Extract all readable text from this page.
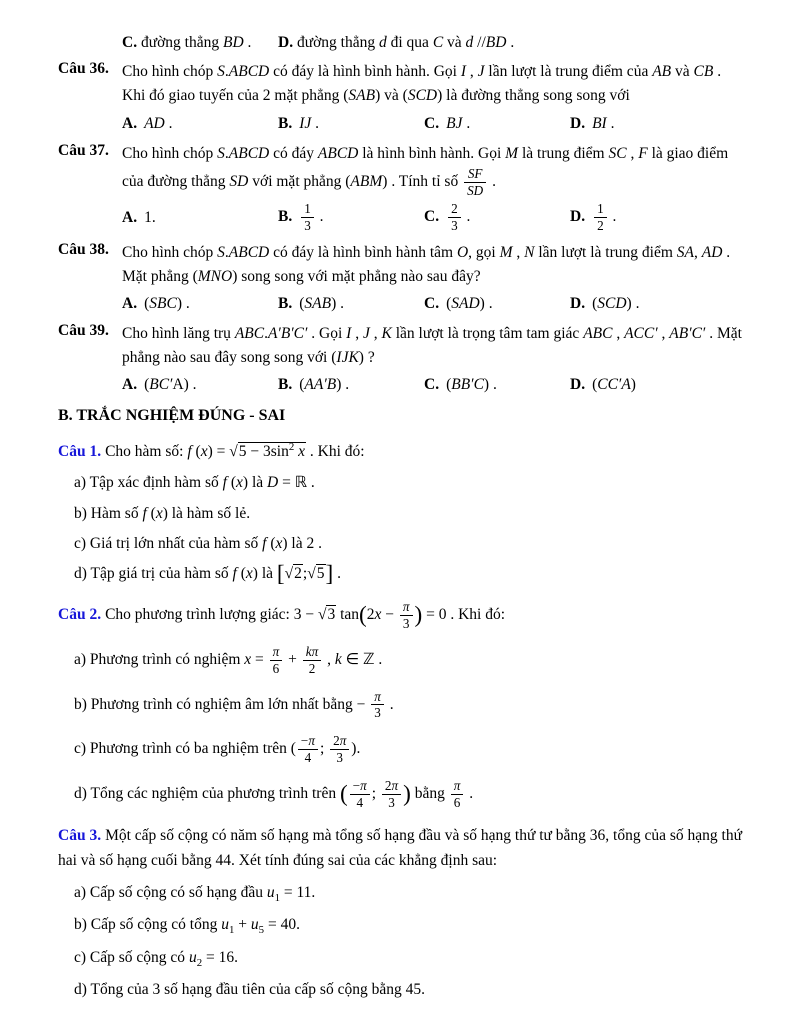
C. đường thẳng BD .	D. đường thẳng d đi qua C và d //BD .
Câu 36. Cho hình chóp S.ABCD có đáy là hình bình hành. Gọi I , J lần lượt là trung điểm của AB và CB . Khi đó giao tuyến của 2 mặt phẳng (SAB) và (SCD) là đường thẳng song song với
A. AD .	B. IJ .	C. BJ .	D. BI .
Câu 37. Cho hình chóp S.ABCD có đáy ABCD là hình bình hành. Gọi M là trung điểm SC , F là giao điểm của đường thẳng SD với mặt phẳng (ABM) . Tính tỉ số $\frac{SF}{SD}$ .
A. 1.	B. $\frac{1}{3}$ .	C. $\frac{2}{3}$ .	D. $\frac{1}{2}$ .
Câu 38. Cho hình chóp S.ABCD có đáy là hình bình hành tâm O, gọi M , N lần lượt là trung điểm SA, AD . Mặt phẳng (MNO) song song với mặt phẳng nào sau đây?
A. (SBC) .	B. (SAB) .	C. (SAD) .	D. (SCD) .
Câu 39. Cho hình lăng trụ ABC.A′B′C′ . Gọi I , J , K lần lượt là trọng tâm tam giác ABC , ACC′ , AB′C′ . Mặt phẳng nào sau đây song song với (IJK) ?
A. (BC′A) .	B. (AA′B) .	C. (BB′C) .	D. (CC′A)
B. TRẮC NGHIỆM ĐÚNG - SAI
Câu 1. Cho hàm số: f $(x) = √5 - 3\sin^2$ x . Khi đó:

a) Tập xác định hàm số f (x) là D = ℝ .

b) Hàm số f (x) là hàm số lẻ.

c) Giá trị lớn nhất của hàm số f (x) là 2 .

d) Tập giá trị của hàm số f (x) là [√2;√5] .

Câu 2. Cho phương trình lượng giác: 3 − √3 $\tan(2x - \frac{\pi}{3}$ ) = 0 . Khi đó:

a) Phương trình có nghiệm $x = \frac{\pi}{6} + \frac{k\pi}{2}$ , k ∈ ℤ .

b) Phương trình có nghiệm âm lớn nhất bằng − $\frac{\pi}{3}$ .

c) Phương trình có ba nghiệm trên ( $\frac{-\pi}{4}$ ; $\frac{2\pi}{3}$ ).

d) Tổng các nghiệm của phương trình trên ( $\frac{-\pi}{4}$ ; $\frac{2\pi}{3}$ ) bằng $\frac{\pi}{6}$ .

Câu 3. Một cấp số cộng có năm số hạng mà tổng số hạng đầu và số hạng thứ tư bằng 36, tổng của số hạng thứ hai và số hạng cuối bằng 44. Xét tính đúng sai của các khẳng định sau:

a) Cấp số cộng có số hạng đầu $u_1 = 11$.

b) Cấp số cộng có tổng $u_1 + u_5 = 40$.

c) Cấp số cộng có $u_2 = 16$.

d) Tổng của 3 số hạng đầu tiên của cấp số cộng bằng 45.
